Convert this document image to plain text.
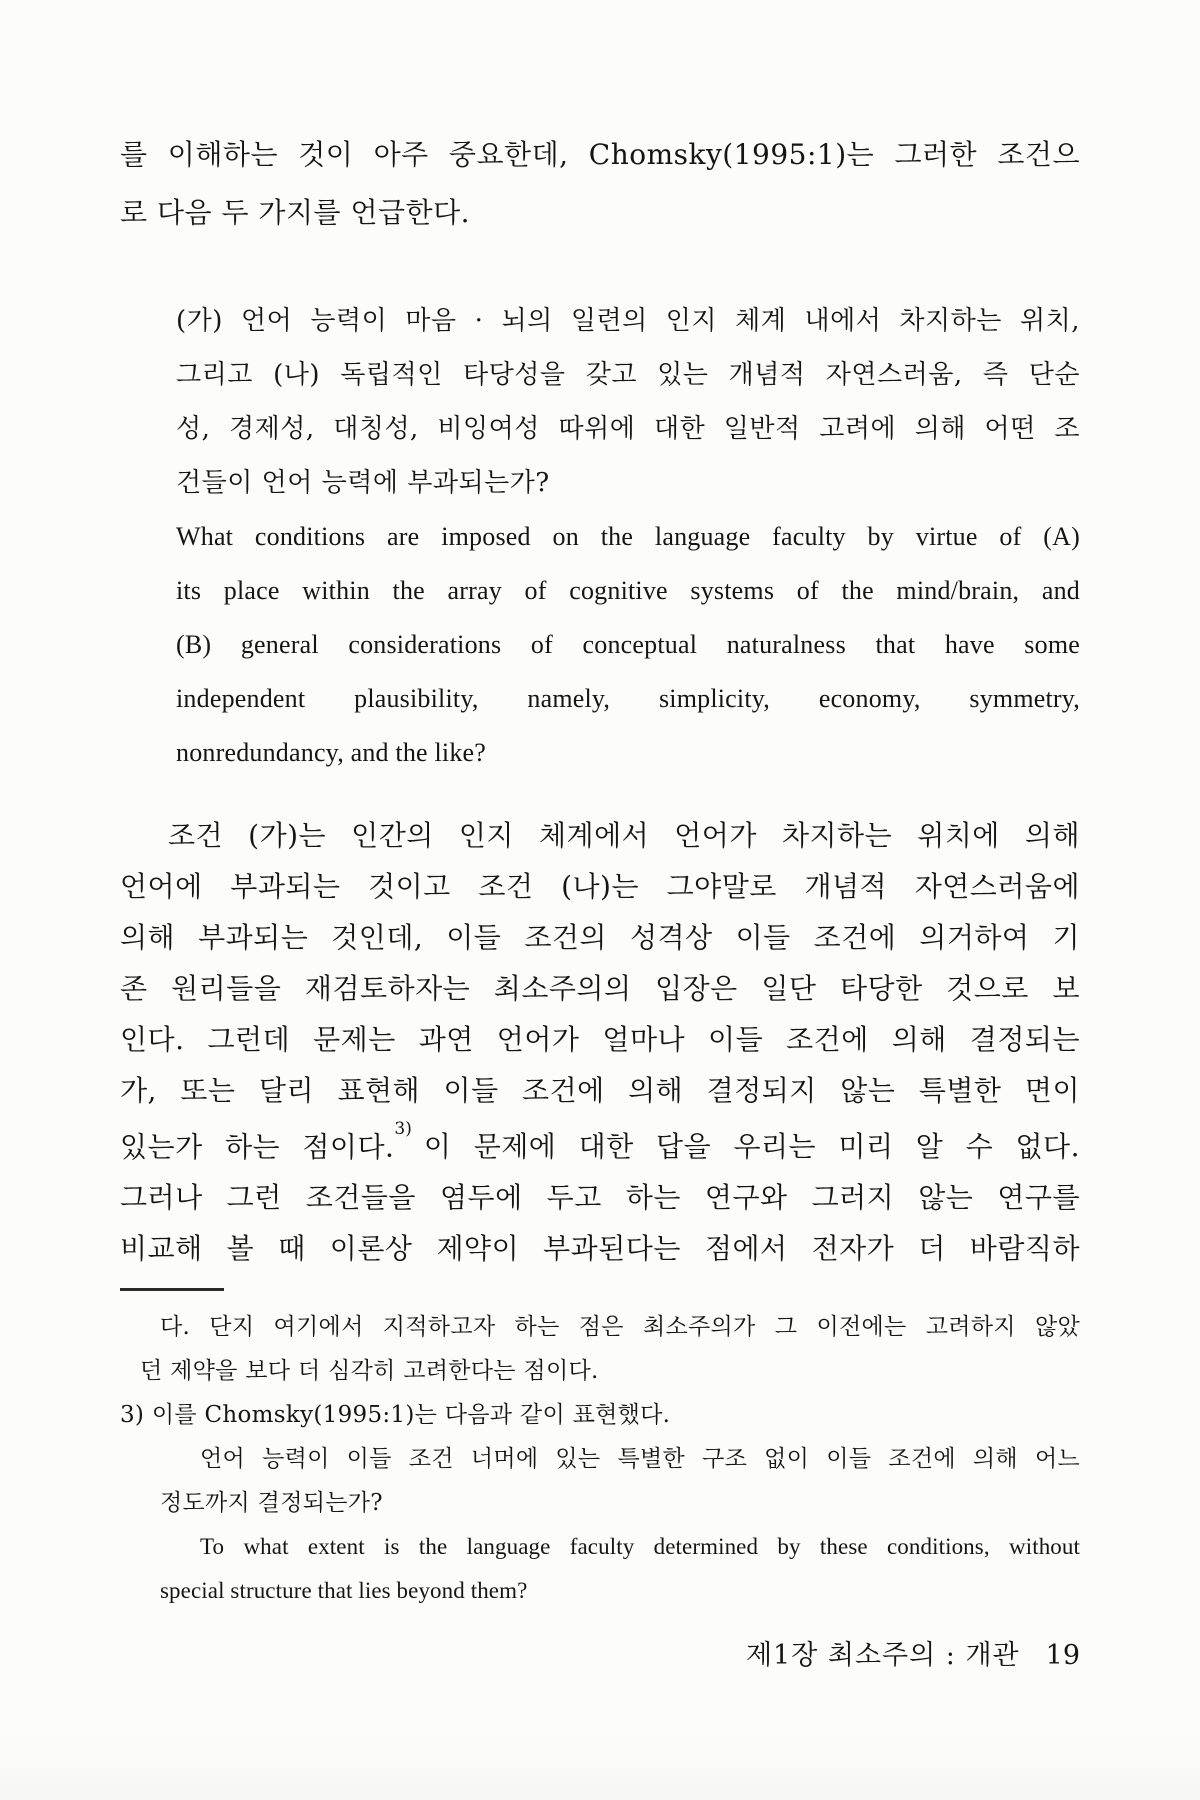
를 이해하는 것이 아주 중요한데, Chomsky(1995:1)는 그러한 조건으
로 다음 두 가지를 언급한다.
(가) 언어 능력이 마음 · 뇌의 일련의 인지 체계 내에서 차지하는 위치,
그리고 (나) 독립적인 타당성을 갖고 있는 개념적 자연스러움, 즉 단순
성, 경제성, 대칭성, 비잉여성 따위에 대한 일반적 고려에 의해 어떤 조
건들이 언어 능력에 부과되는가?
What conditions are imposed on the language faculty by virtue of (A)
its place within the array of cognitive systems of the mind/brain, and
(B) general considerations of conceptual naturalness that have some
independent plausibility, namely, simplicity, economy, symmetry,
nonredundancy, and the like?
조건 (가)는 인간의 인지 체계에서 언어가 차지하는 위치에 의해
언어에 부과되는 것이고 조건 (나)는 그야말로 개념적 자연스러움에
의해 부과되는 것인데, 이들 조건의 성격상 이들 조건에 의거하여 기
존 원리들을 재검토하자는 최소주의의 입장은 일단 타당한 것으로 보
인다. 그런데 문제는 과연 언어가 얼마나 이들 조건에 의해 결정되는
가, 또는 달리 표현해 이들 조건에 의해 결정되지 않는 특별한 면이
있는가 하는 점이다.$^{3)}$이 문제에 대한 답을 우리는 미리 알 수 없다.
그러나 그런 조건들을 염두에 두고 하는 연구와 그러지 않는 연구를
비교해 볼 때 이론상 제약이 부과된다는 점에서 전자가 더 바람직하
다. 단지 여기에서 지적하고자 하는 점은 최소주의가 그 이전에는 고려하지 않았
던 제약을 보다 더 심각히 고려한다는 점이다.
3) 이를 Chomsky(1995:1)는 다음과 같이 표현했다.
언어 능력이 이들 조건 너머에 있는 특별한 구조 없이 이들 조건에 의해 어느
정도까지 결정되는가?
To what extent is the language faculty determined by these conditions, without
special structure that lies beyond them?
제1장 최소주의 : 개관 19
